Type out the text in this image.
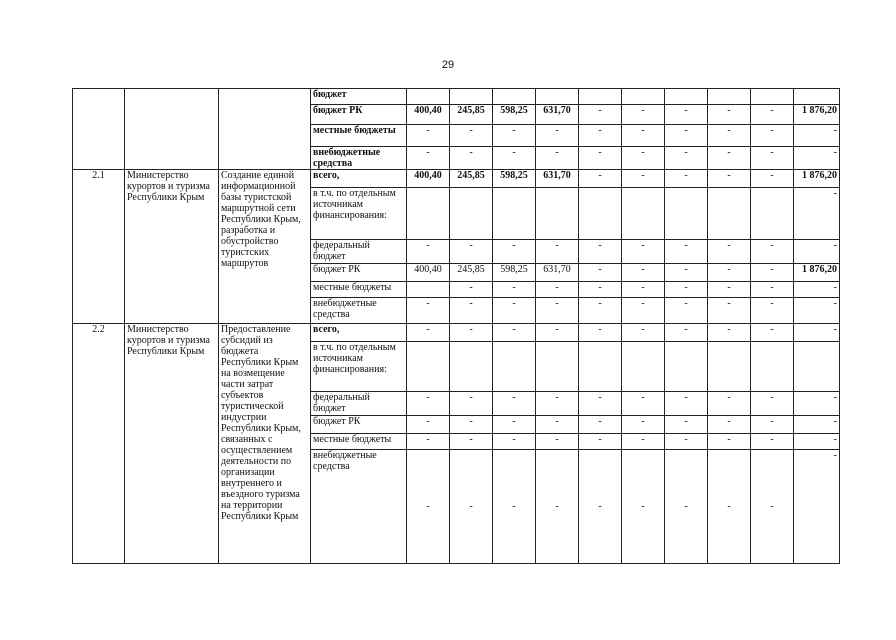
29
			бюджет										
			бюджет РК	400,40	245,85	598,25	631,70	-	-	-	-	-	1 876,20
			местные бюджеты	-	-	-	-	-	-	-	-	-	-
			внебюджетные средства	-	-	-	-	-	-	-	-	-	-
2.1	Министерство курортов и туризма Республики Крым	Создание единой информационной базы туристской маршрутной сети Республики Крым, разработка и обустройство туристских маршрутов	всего,	400,40	245,85	598,25	631,70	-	-	-	-	-	1 876,20
			в т.ч. по отдельным источникам финансирования:										-
			федеральный бюджет	-	-	-	-	-	-	-	-	-	-
			бюджет РК	400,40	245,85	598,25	631,70	-	-	-	-	-	1 876,20
			местные бюджеты		-	-	-	-	-	-	-	-	-
			внебюджетные средства	-	-	-	-	-	-	-	-	-	-
2.2	Министерство курортов и туризма Республики Крым	Предоставление субсидий из бюджета Республики Крым на возмещение части затрат субъектов туристической индустрии Республики Крым, связанных с осуществлением деятельности по организации внутреннего и въездного туризма на территории Республики Крым	всего,	-	-	-	-	-	-	-	-	-	-
			в т.ч. по отдельным источникам финансирования:										
			федеральный бюджет	-	-	-	-	-	-	-	-	-	-
			бюджет РК	-	-	-	-	-	-	-	-	-	-
			местные бюджеты	-	-	-	-	-	-	-	-	-	-
			внебюджетные средства	-	-	-	-	-	-	-	-	-	-
